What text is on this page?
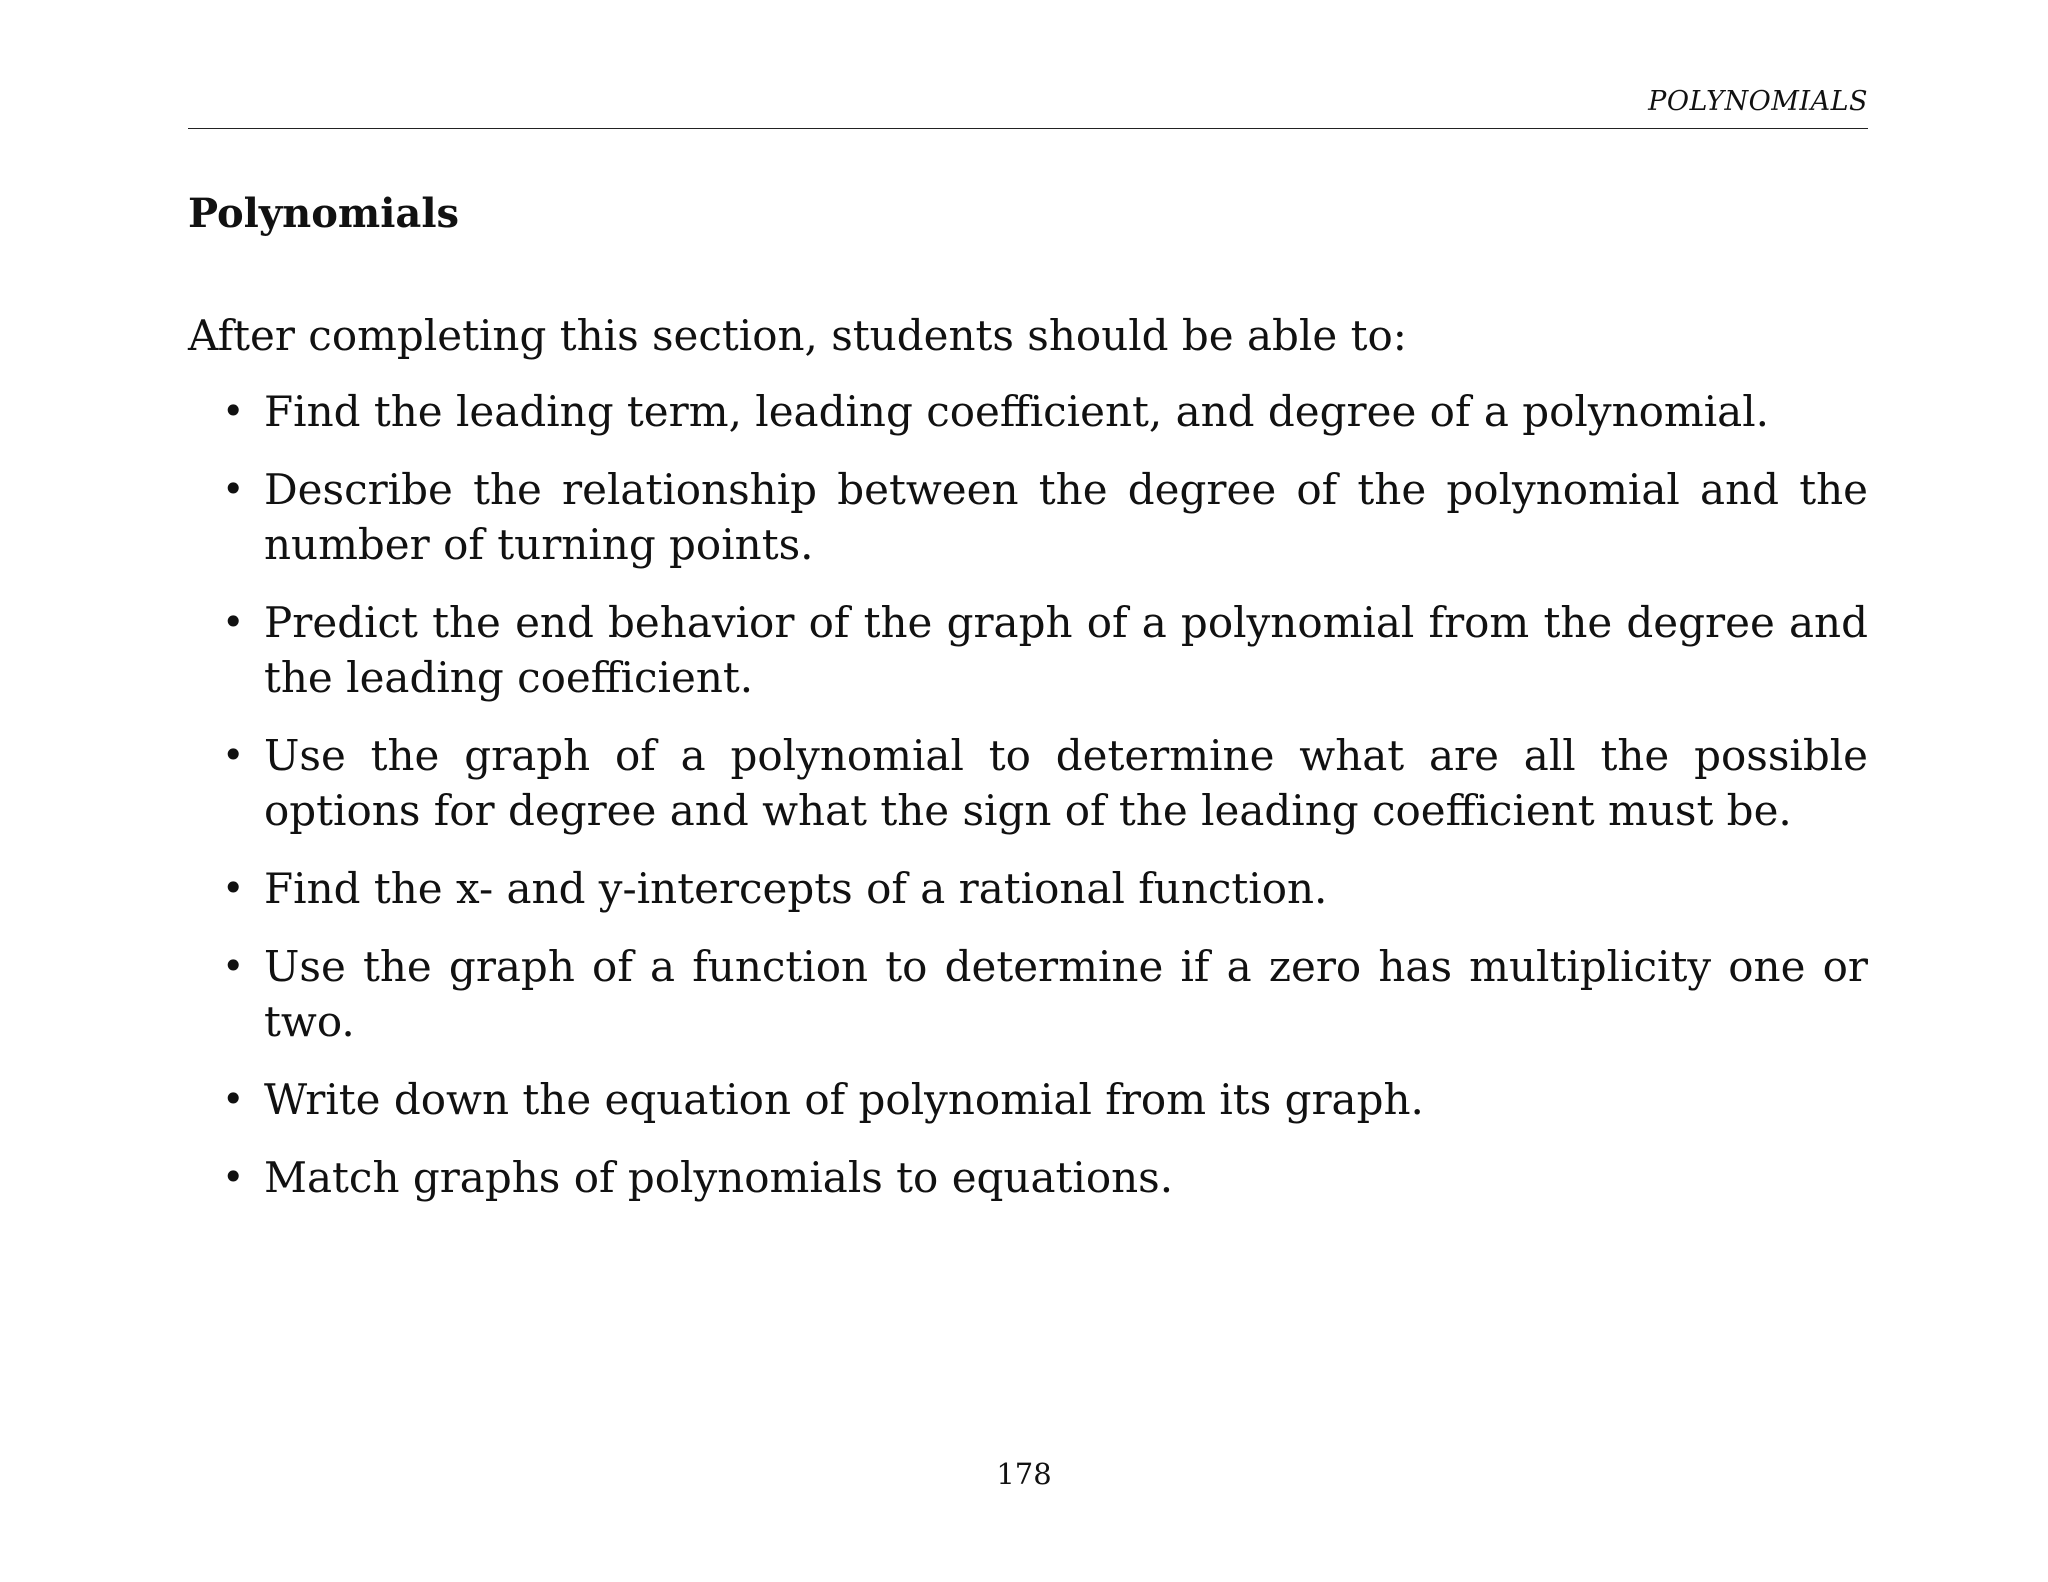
POLYNOMIALS
Polynomials

After completing this section, students should be able to:

• Find the leading term, leading coefficient, and degree of a polynomial.
• Describe the relationship between the degree of the polynomial and the number of turning points.
• Predict the end behavior of the graph of a polynomial from the degree and the leading coefficient.
• Use the graph of a polynomial to determine what are all the possible options for degree and what the sign of the leading coefficient must be.
• Find the x- and y-intercepts of a rational function.
• Use the graph of a function to determine if a zero has multiplicity one or two.
• Write down the equation of polynomial from its graph.
• Match graphs of polynomials to equations.
178
